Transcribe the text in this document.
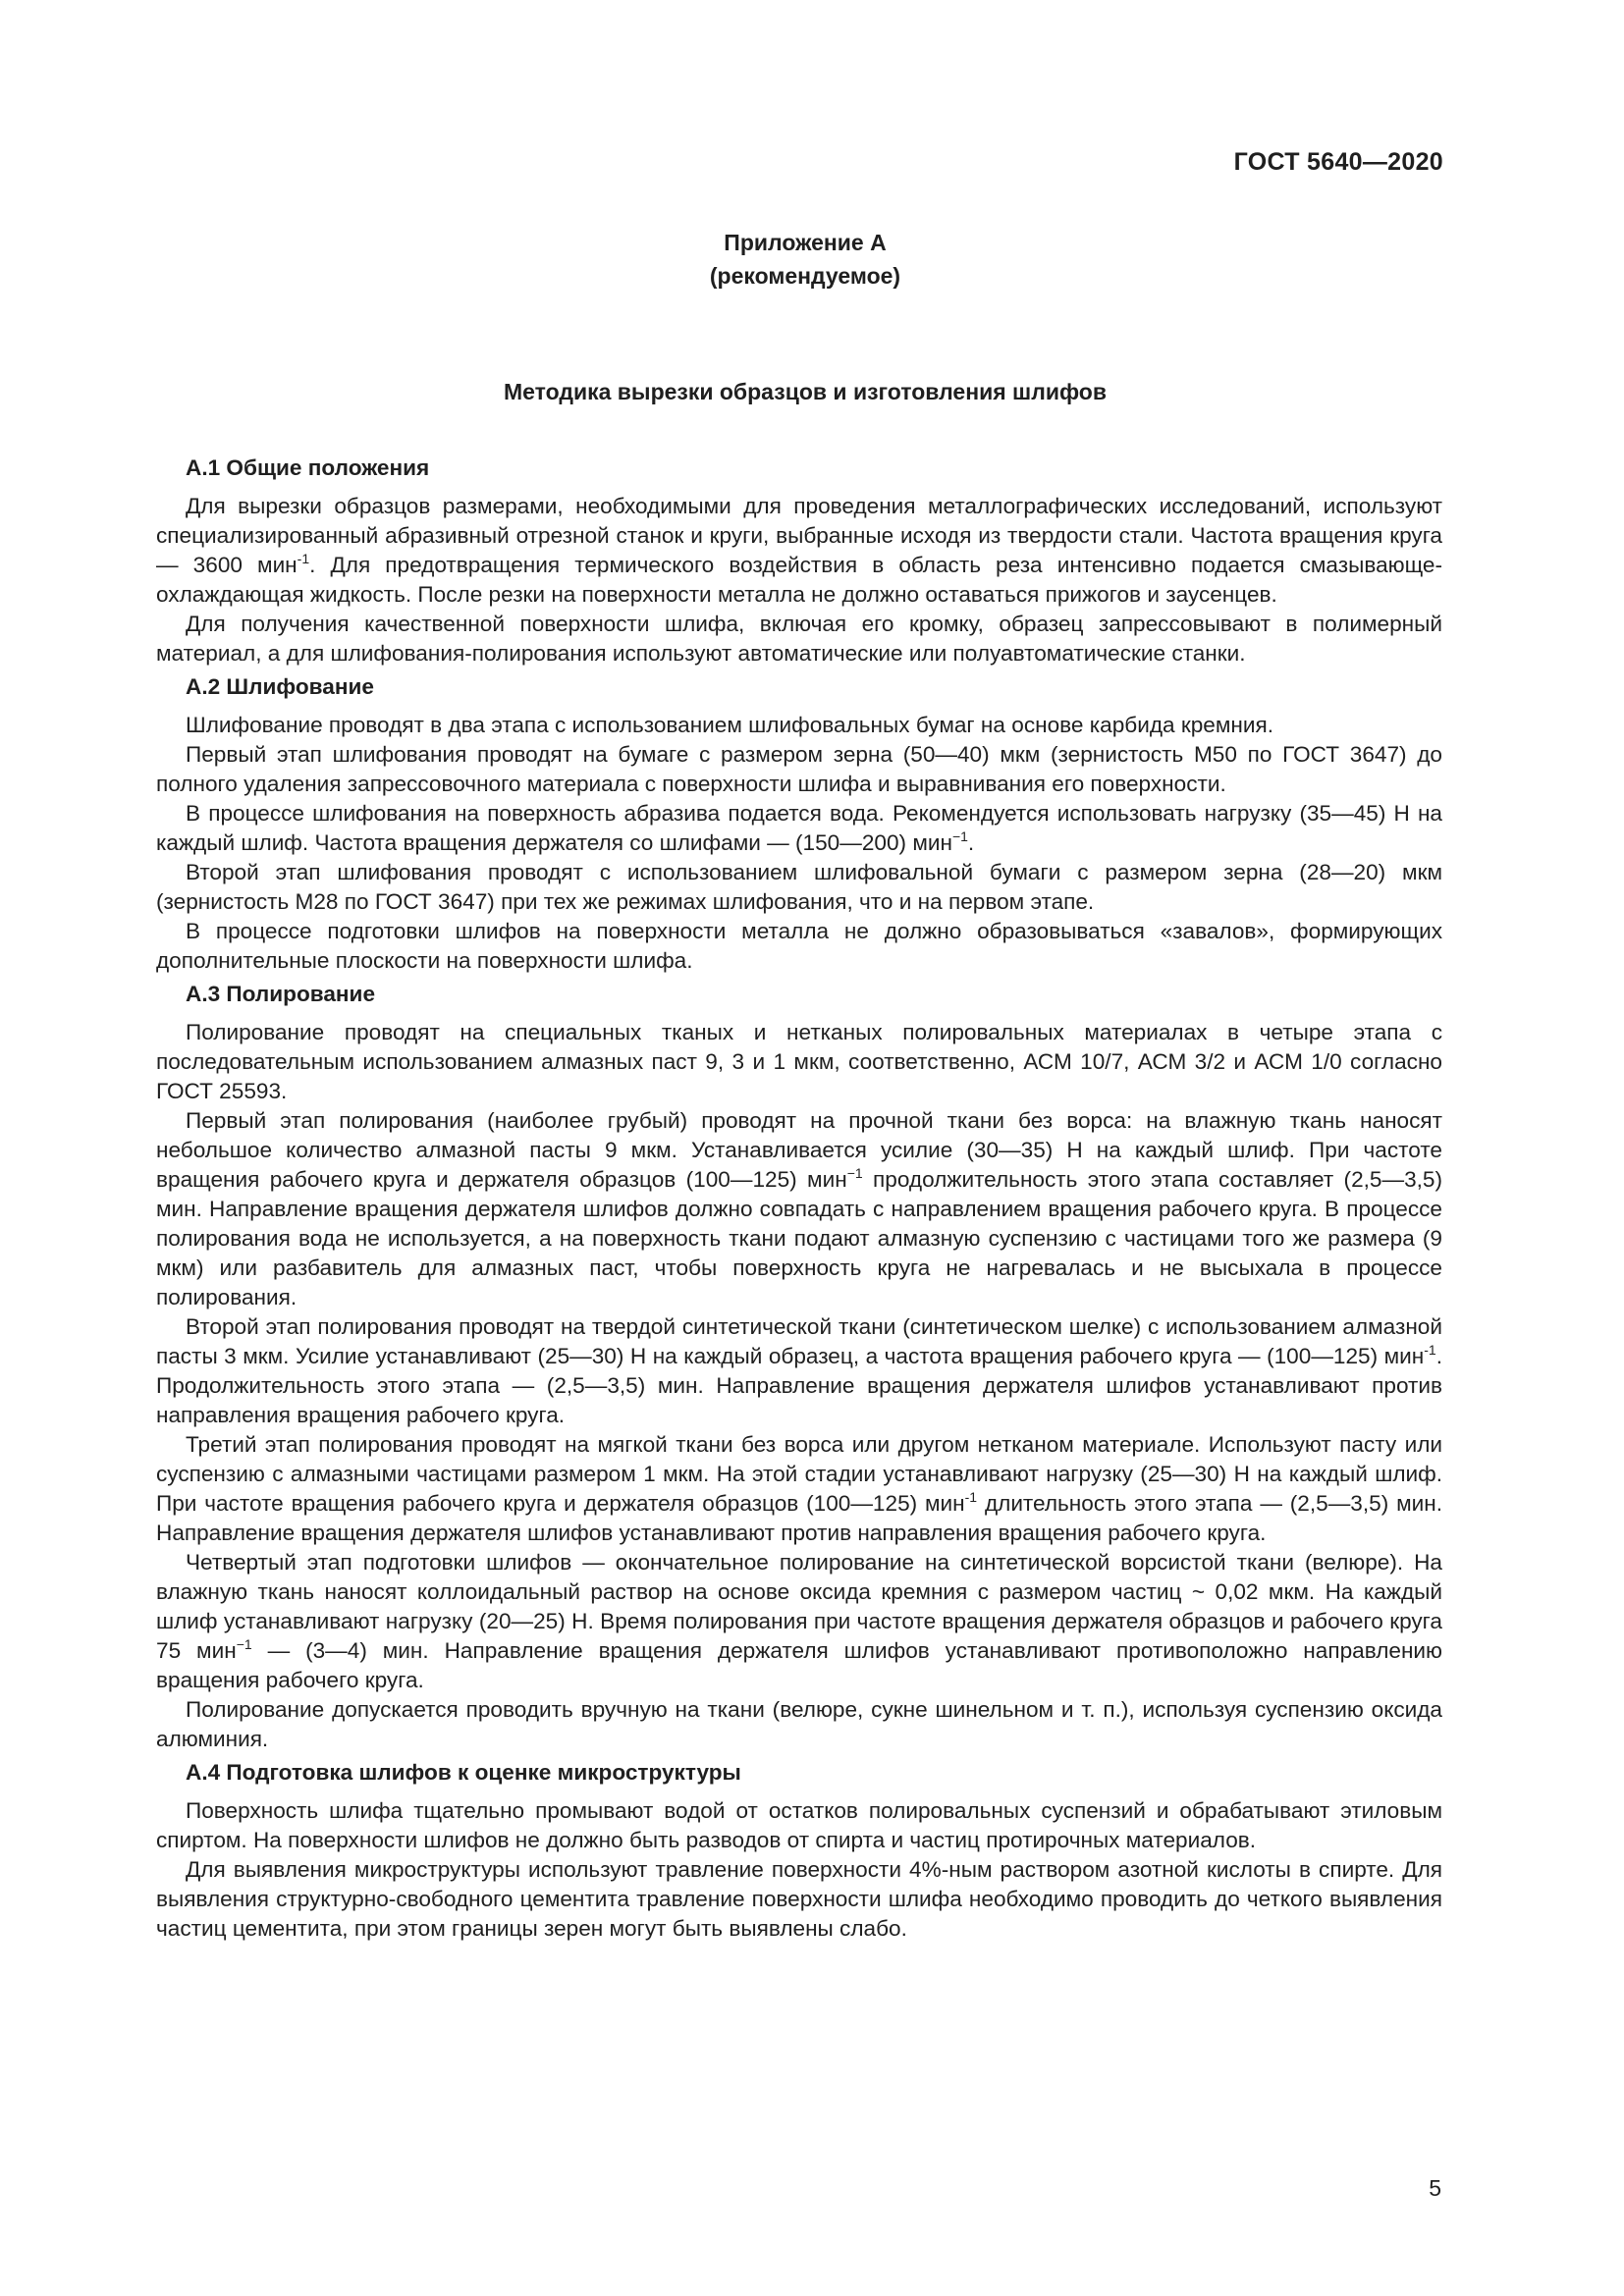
ГОСТ 5640—2020
Приложение А
(рекомендуемое)
Методика вырезки образцов и изготовления шлифов
А.1 Общие положения

Для вырезки образцов размерами, необходимыми для проведения металлографических исследований, используют специализированный абразивный отрезной станок и круги, выбранные исходя из твердости стали. Частота вращения круга — 3600 мин$^{-1}$. Для предотвращения термического воздействия в область реза интенсивно подается смазывающе-охлаждающая жидкость. После резки на поверхности металла не должно оставаться прижогов и заусенцев.

Для получения качественной поверхности шлифа, включая его кромку, образец запрессовывают в полимерный материал, а для шлифования-полирования используют автоматические или полуавтоматические станки.

А.2 Шлифование

Шлифование проводят в два этапа с использованием шлифовальных бумаг на основе карбида кремния.

Первый этап шлифования проводят на бумаге с размером зерна (50—40) мкм (зернистость М50 по ГОСТ 3647) до полного удаления запрессовочного материала с поверхности шлифа и выравнивания его поверхности.

В процессе шлифования на поверхность абразива подается вода. Рекомендуется использовать нагрузку (35—45) Н на каждый шлиф. Частота вращения держателя со шлифами — (150—200) мин$^{-1}$.

Второй этап шлифования проводят с использованием шлифовальной бумаги с размером зерна (28—20) мкм (зернистость М28 по ГОСТ 3647) при тех же режимах шлифования, что и на первом этапе.

В процессе подготовки шлифов на поверхности металла не должно образовываться «завалов», формирующих дополнительные плоскости на поверхности шлифа.

А.3 Полирование

Полирование проводят на специальных тканых и нетканых полировальных материалах в четыре этапа с последовательным использованием алмазных паст 9, 3 и 1 мкм, соответственно, АСМ 10/7, АСМ 3/2 и АСМ 1/0 согласно ГОСТ 25593.

Первый этап полирования (наиболее грубый) проводят на прочной ткани без ворса: на влажную ткань наносят небольшое количество алмазной пасты 9 мкм. Устанавливается усилие (30—35) Н на каждый шлиф. При частоте вращения рабочего круга и держателя образцов (100—125) мин$^{-1}$ продолжительность этого этапа составляет (2,5—3,5) мин. Направление вращения держателя шлифов должно совпадать с направлением вращения рабочего круга. В процессе полирования вода не используется, а на поверхность ткани подают алмазную суспензию с частицами того же размера (9 мкм) или разбавитель для алмазных паст, чтобы поверхность круга не нагревалась и не высыхала в процессе полирования.

Второй этап полирования проводят на твердой синтетической ткани (синтетическом шелке) с использованием алмазной пасты 3 мкм. Усилие устанавливают (25—30) Н на каждый образец, а частота вращения рабочего круга — (100—125) мин$^{-1}$. Продолжительность этого этапа — (2,5—3,5) мин. Направление вращения держателя шлифов устанавливают против направления вращения рабочего круга.

Третий этап полирования проводят на мягкой ткани без ворса или другом нетканом материале. Используют пасту или суспензию с алмазными частицами размером 1 мкм. На этой стадии устанавливают нагрузку (25—30) Н на каждый шлиф. При частоте вращения рабочего круга и держателя образцов (100—125) мин$^{-1}$ длительность этого этапа — (2,5—3,5) мин. Направление вращения держателя шлифов устанавливают против направления вращения рабочего круга.

Четвертый этап подготовки шлифов — окончательное полирование на синтетической ворсистой ткани (велюре). На влажную ткань наносят коллоидальный раствор на основе оксида кремния с размером частиц ~ 0,02 мкм. На каждый шлиф устанавливают нагрузку (20—25) Н. Время полирования при частоте вращения держателя образцов и рабочего круга 75 мин$^{-1}$ — (3—4) мин. Направление вращения держателя шлифов устанавливают противоположно направлению вращения рабочего круга.

Полирование допускается проводить вручную на ткани (велюре, сукне шинельном и т. п.), используя суспензию оксида алюминия.

А.4 Подготовка шлифов к оценке микроструктуры

Поверхность шлифа тщательно промывают водой от остатков полировальных суспензий и обрабатывают этиловым спиртом. На поверхности шлифов не должно быть разводов от спирта и частиц протирочных материалов.

Для выявления микроструктуры используют травление поверхности 4%-ным раствором азотной кислоты в спирте. Для выявления структурно-свободного цементита травление поверхности шлифа необходимо проводить до четкого выявления частиц цементита, при этом границы зерен могут быть выявлены слабо.

5
